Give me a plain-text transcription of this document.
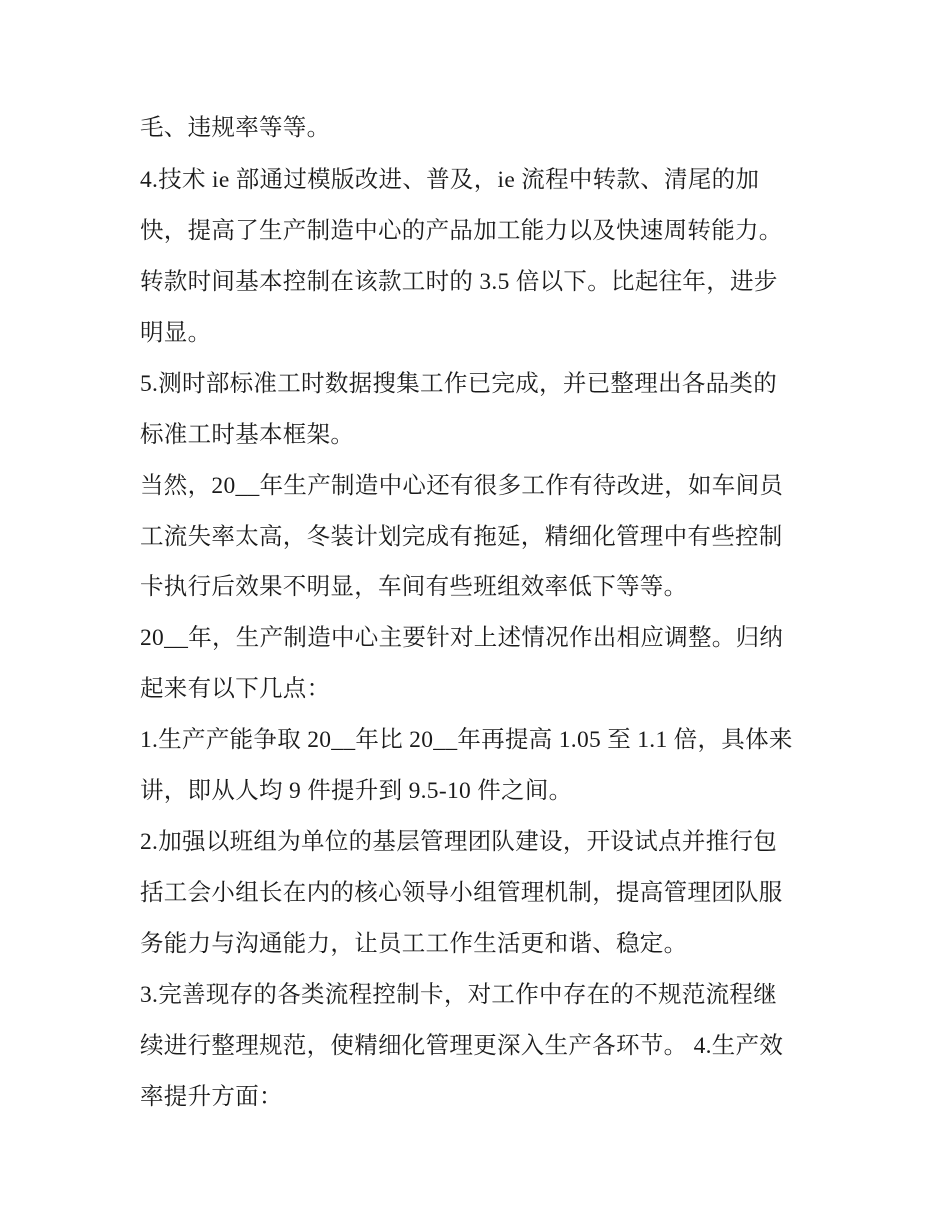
毛、违规率等等。

4.技术 ie 部通过模版改进、普及，ie 流程中转款、清尾的加

快，提高了生产制造中心的产品加工能力以及快速周转能力。

转款时间基本控制在该款工时的 3.5 倍以下。比起往年，进步

明显。

5.测时部标准工时数据搜集工作已完成，并已整理出各品类的

标准工时基本框架。

当然，20__年生产制造中心还有很多工作有待改进，如车间员

工流失率太高，冬装计划完成有拖延，精细化管理中有些控制

卡执行后效果不明显，车间有些班组效率低下等等。

20__年，生产制造中心主要针对上述情况作出相应调整。归纳

起来有以下几点：

1.生产产能争取 20__年比 20__年再提高 1.05 至 1.1 倍，具体来

讲，即从人均 9 件提升到 9.5-10 件之间。

2.加强以班组为单位的基层管理团队建设，开设试点并推行包

括工会小组长在内的核心领导小组管理机制，提高管理团队服

务能力与沟通能力，让员工工作生活更和谐、稳定。

3.完善现存的各类流程控制卡，对工作中存在的不规范流程继

续进行整理规范，使精细化管理更深入生产各环节。 4.生产效

率提升方面：
